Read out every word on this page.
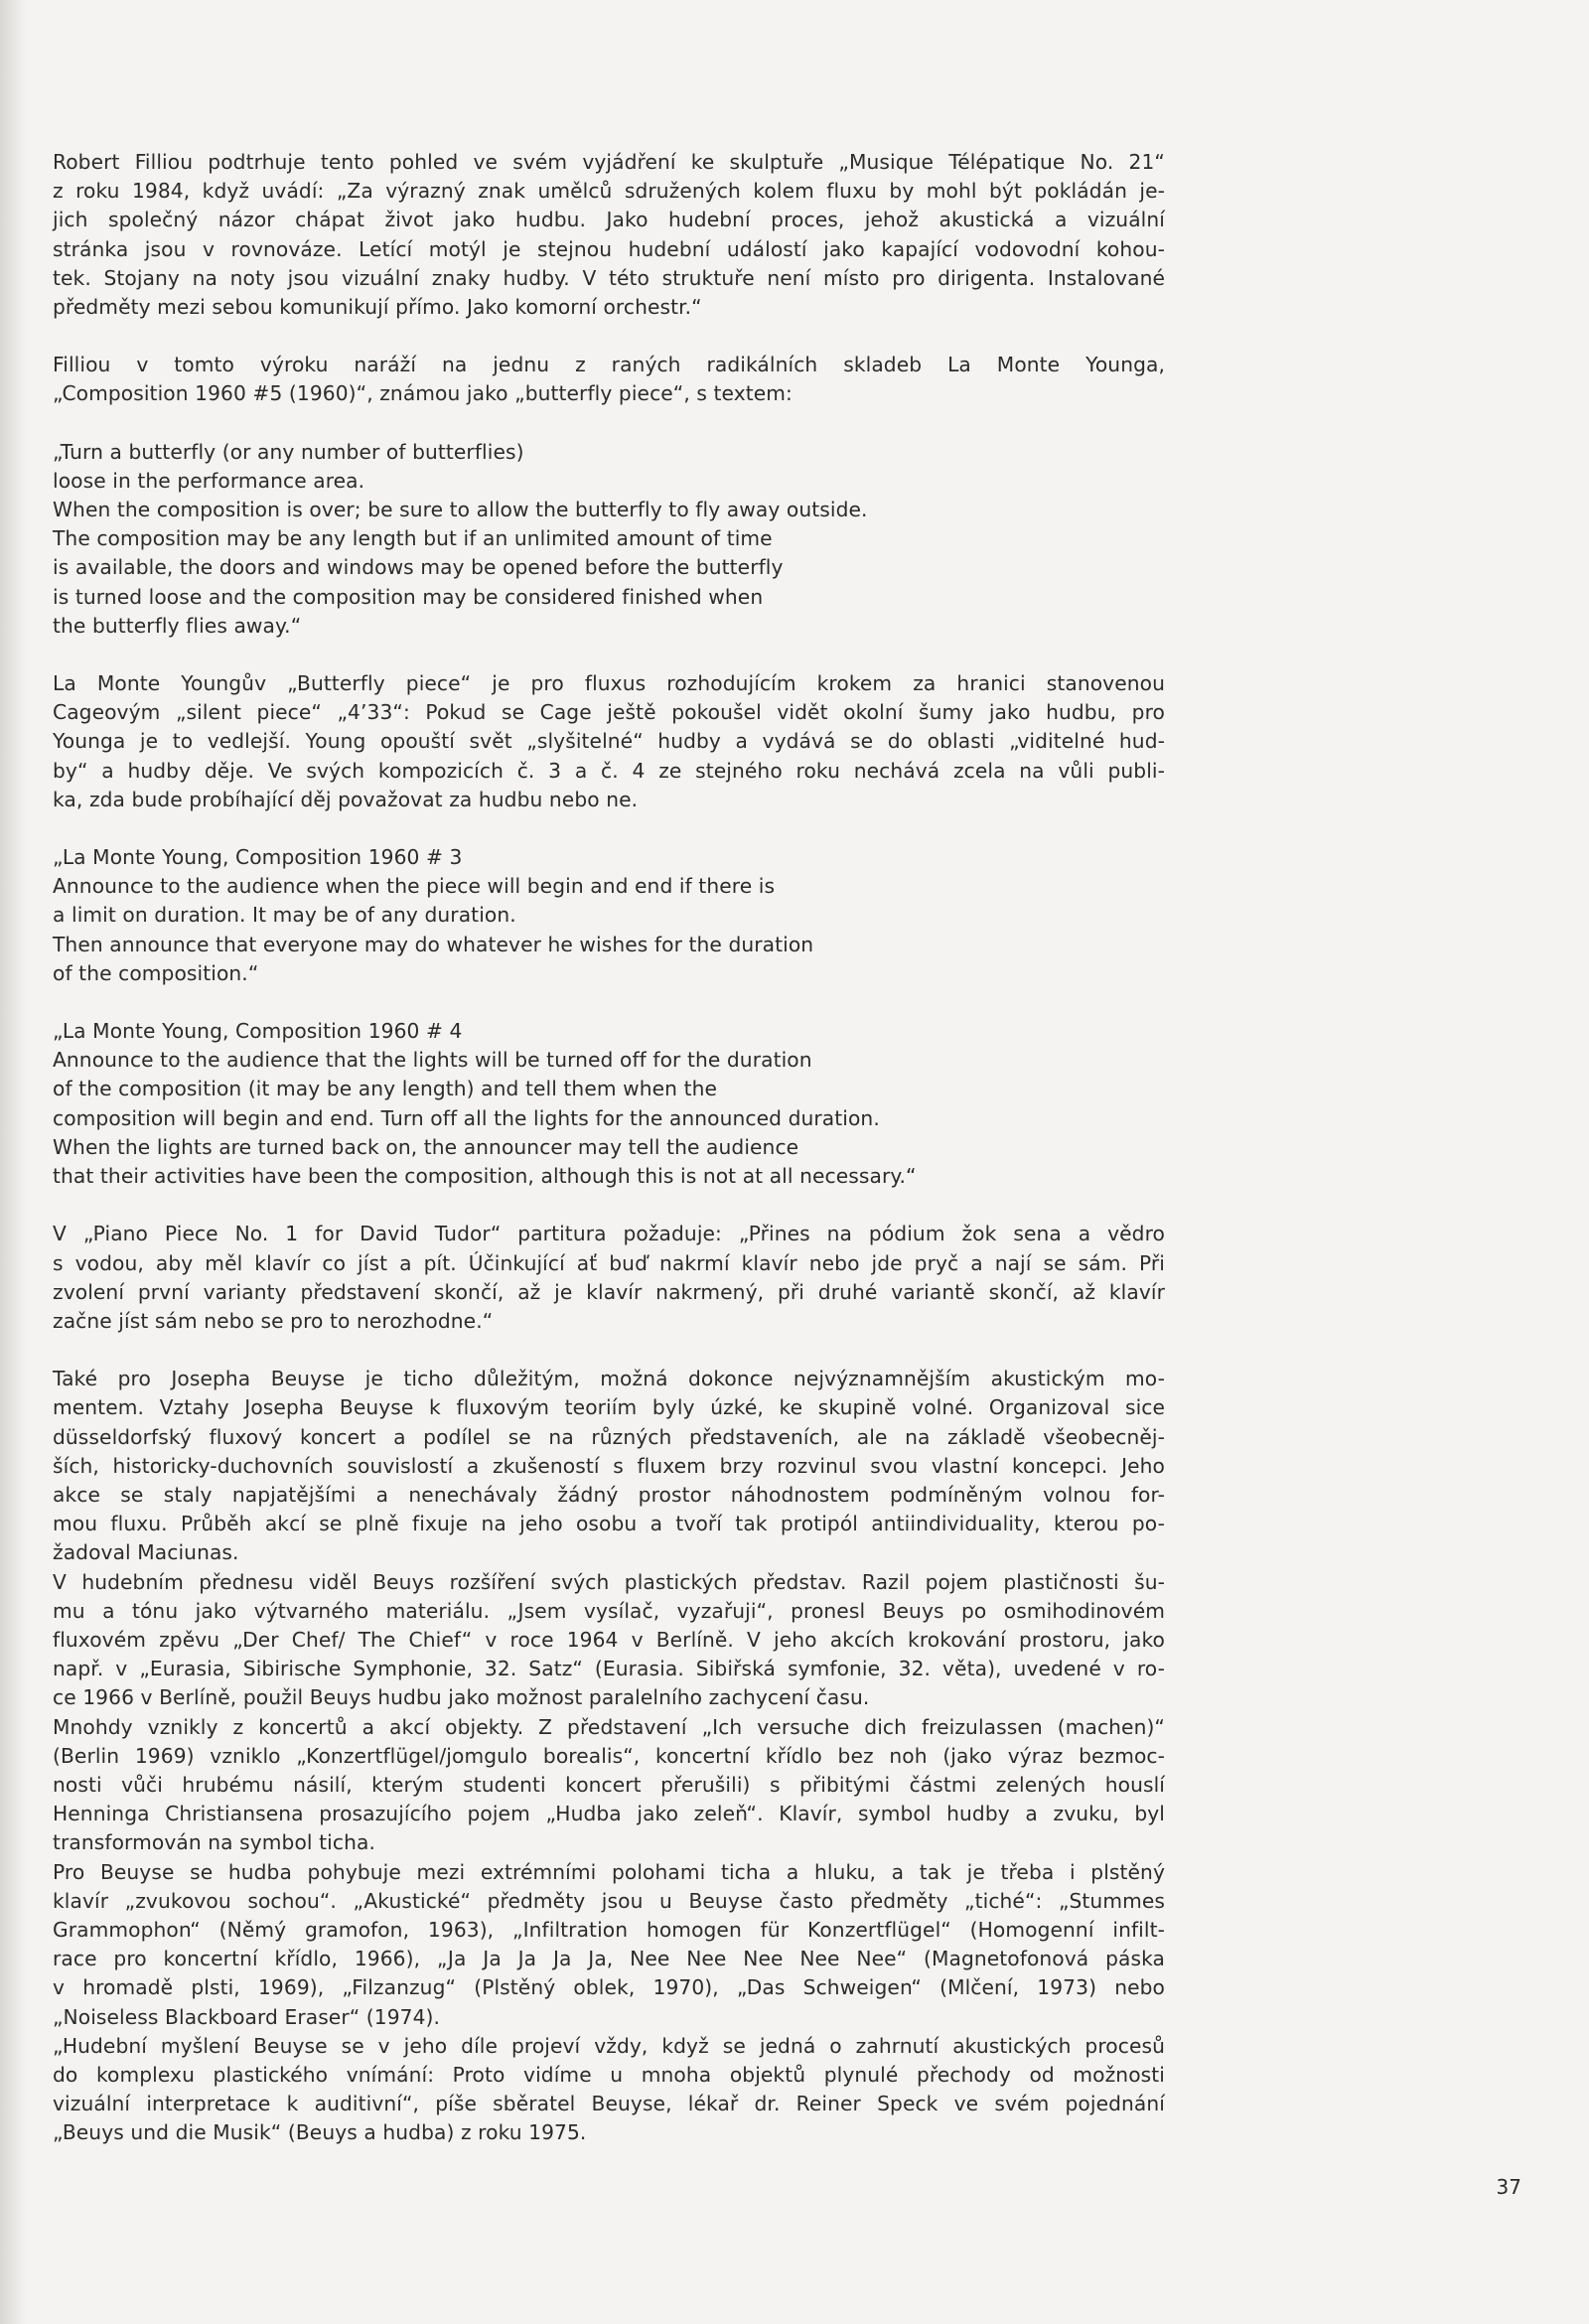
Robert Filliou podtrhuje tento pohled ve svém vyjádření ke skulptuře „Musique Télépatique No. 21“
z roku 1984, když uvádí: „Za výrazný znak umělců sdružených kolem fluxu by mohl být pokládán je-
jich společný názor chápat život jako hudbu. Jako hudební proces, jehož akustická a vizuální
stránka jsou v rovnováze. Letící motýl je stejnou hudební událostí jako kapající vodovodní kohou-
tek. Stojany na noty jsou vizuální znaky hudby. V této struktuře není místo pro dirigenta. Instalované
předměty mezi sebou komunikují přímo. Jako komorní orchestr.“

Filliou v tomto výroku naráží na jednu z raných radikálních skladeb La Monte Younga,
„Composition 1960 #5 (1960)“, známou jako „butterfly piece“, s textem:

„Turn a butterfly (or any number of butterflies)
loose in the performance area.
When the composition is over; be sure to allow the butterfly to fly away outside.
The composition may be any length but if an unlimited amount of time
is available, the doors and windows may be opened before the butterfly
is turned loose and the composition may be considered finished when
the butterfly flies away.“

La Monte Youngův „Butterfly piece“ je pro fluxus rozhodujícím krokem za hranici stanovenou
Cageovým „silent piece“ „4’33“: Pokud se Cage ještě pokoušel vidět okolní šumy jako hudbu, pro
Younga je to vedlejší. Young opouští svět „slyšitelné“ hudby a vydává se do oblasti „viditelné hud-
by“ a hudby děje. Ve svých kompozicích č. 3 a č. 4 ze stejného roku nechává zcela na vůli publi-
ka, zda bude probíhající děj považovat za hudbu nebo ne.

„La Monte Young, Composition 1960 # 3
Announce to the audience when the piece will begin and end if there is
a limit on duration. It may be of any duration.
Then announce that everyone may do whatever he wishes for the duration
of the composition.“

„La Monte Young, Composition 1960 # 4
Announce to the audience that the lights will be turned off for the duration
of the composition (it may be any length) and tell them when the
composition will begin and end. Turn off all the lights for the announced duration.
When the lights are turned back on, the announcer may tell the audience
that their activities have been the composition, although this is not at all necessary.“

V „Piano Piece No. 1 for David Tudor“ partitura požaduje: „Přines na pódium žok sena a vědro
s vodou, aby měl klavír co jíst a pít. Účinkující ať buď nakrmí klavír nebo jde pryč a nají se sám. Při
zvolení první varianty představení skončí, až je klavír nakrmený, při druhé variantě skončí, až klavír
začne jíst sám nebo se pro to nerozhodne.“

Také pro Josepha Beuyse je ticho důležitým, možná dokonce nejvýznamnějším akustickým mo-
mentem. Vztahy Josepha Beuyse k fluxovým teoriím byly úzké, ke skupině volné. Organizoval sice
düsseldorfský fluxový koncert a podílel se na různých představeních, ale na základě všeobecněj-
ších, historicky-duchovních souvislostí a zkušeností s fluxem brzy rozvinul svou vlastní koncepci. Jeho
akce se staly napjatějšími a nenechávaly žádný prostor náhodnostem podmíněným volnou for-
mou fluxu. Průběh akcí se plně fixuje na jeho osobu a tvoří tak protipól antiindividuality, kterou po-
žadoval Maciunas.

V hudebním přednesu viděl Beuys rozšíření svých plastických představ. Razil pojem plastičnosti šu-
mu a tónu jako výtvarného materiálu. „Jsem vysílač, vyzařuji“, pronesl Beuys po osmihodinovém
fluxovém zpěvu „Der Chef/ The Chief“ v roce 1964 v Berlíně. V jeho akcích krokování prostoru, jako
např. v „Eurasia, Sibirische Symphonie, 32. Satz“ (Eurasia. Sibiřská symfonie, 32. věta), uvedené v ro-
ce 1966 v Berlíně, použil Beuys hudbu jako možnost paralelního zachycení času.

Mnohdy vznikly z koncertů a akcí objekty. Z představení „Ich versuche dich freizulassen (machen)“
(Berlin 1969) vzniklo „Konzertflügel/jomgulo borealis“, koncertní křídlo bez noh (jako výraz bezmoc-
nosti vůči hrubému násilí, kterým studenti koncert přerušili) s přibitými částmi zelených houslí
Henninga Christiansena prosazujícího pojem „Hudba jako zeleň“. Klavír, symbol hudby a zvuku, byl
transformován na symbol ticha.

Pro Beuyse se hudba pohybuje mezi extrémními polohami ticha a hluku, a tak je třeba i plstěný
klavír „zvukovou sochou“. „Akustické“ předměty jsou u Beuyse často předměty „tiché“: „Stummes
Grammophon“ (Němý gramofon, 1963), „Infiltration homogen für Konzertflügel“ (Homogenní infilt-
race pro koncertní křídlo, 1966), „Ja Ja Ja Ja Ja, Nee Nee Nee Nee Nee“ (Magnetofonová páska
v hromadě plsti, 1969), „Filzanzug“ (Plstěný oblek, 1970), „Das Schweigen“ (Mlčení, 1973) nebo
„Noiseless Blackboard Eraser“ (1974).

„Hudební myšlení Beuyse se v jeho díle projeví vždy, když se jedná o zahrnutí akustických procesů
do komplexu plastického vnímání: Proto vidíme u mnoha objektů plynulé přechody od možnosti
vizuální interpretace k auditivní“, píše sběratel Beuyse, lékař dr. Reiner Speck ve svém pojednání
„Beuys und die Musik“ (Beuys a hudba) z roku 1975.

37
